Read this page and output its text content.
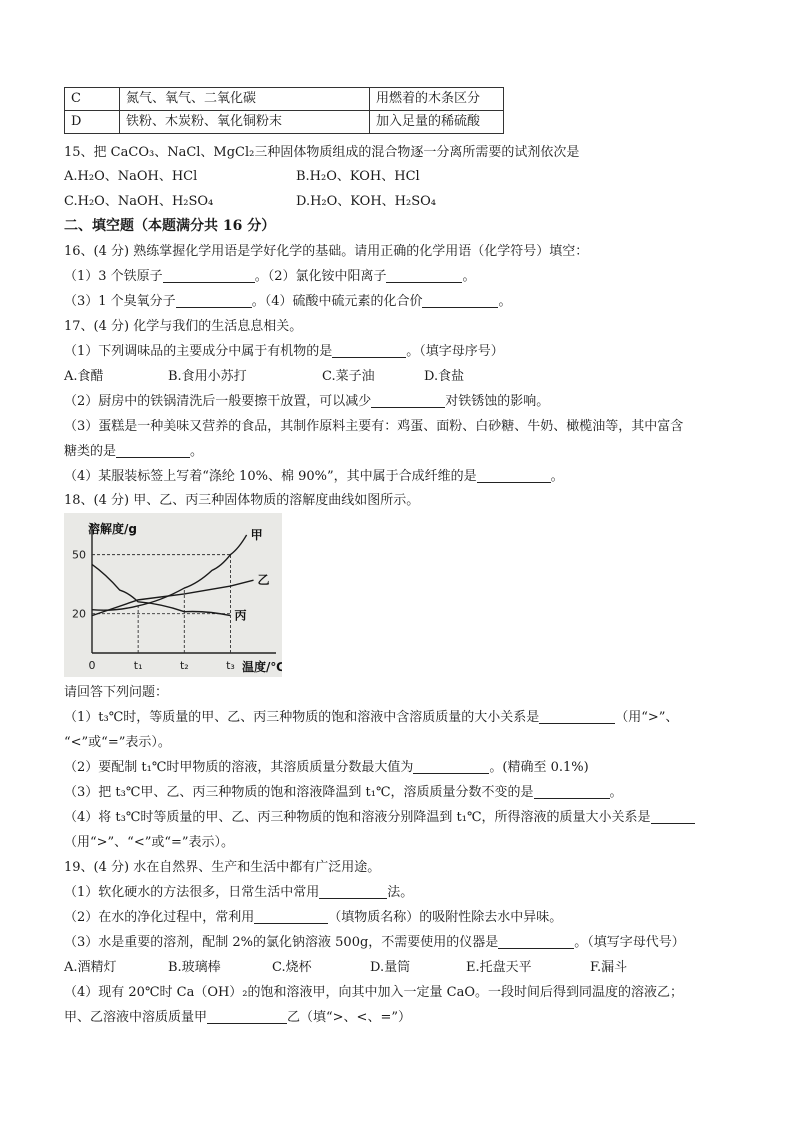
C	氮气、氧气、二氧化碳	用燃着的木条区分
D	铁粉、木炭粉、氧化铜粉末	加入足量的稀硫酸
15、把 CaCO₃、NaCl、MgCl₂三种固体物质组成的混合物逐一分离所需要的试剂依次是
A.H₂O、NaOH、HCl	B.H₂O、KOH、HCl
C.H₂O、NaOH、H₂SO₄	D.H₂O、KOH、H₂SO₄
二、填空题（本题满分共 16 分）
16、(4 分) 熟练掌握化学用语是学好化学的基础。请用正确的化学用语（化学符号）填空：
（1）3 个铁原子	。（2）氯化铵中阳离子	。
（3）1 个臭氧分子	。（4）硫酸中硫元素的化合价	。
17、(4 分) 化学与我们的生活息息相关。
（1）下列调味品的主要成分中属于有机物的是	。（填字母序号）
A.食醋	B.食用小苏打	C.菜子油	D.食盐
（2）厨房中的铁锅清洗后一般要擦干放置，可以减少	对铁锈蚀的影响。
（3）蛋糕是一种美味又营养的食品，其制作原料主要有：鸡蛋、面粉、白砂糖、牛奶、橄榄油等，其中富含
糖类的是	。
（4）某服装标签上写着“涤纶 10%、棉 90%”，其中属于合成纤维的是	。
18、(4 分) 甲、乙、丙三种固体物质的溶解度曲线如图所示。
20
50
0	t₁	t₂	t₃
甲
乙
丙
溶解度/g
温度/℃
请回答下列问题：
（1）t₃℃时，等质量的甲、乙、丙三种物质的饱和溶液中含溶质质量的大小关系是	（用“>”、
“<”或“=”表示）。
（2）要配制 t₁℃时甲物质的溶液，其溶质质量分数最大值为	。(精确至 0.1%)
（3）把 t₃℃甲、乙、丙三种物质的饱和溶液降温到 t₁℃，溶质质量分数不变的是	。
（4）将 t₃℃时等质量的甲、乙、丙三种物质的饱和溶液分别降温到 t₁℃，所得溶液的质量大小关系是
（用“>”、“<”或“=”表示）。
19、(4 分) 水在自然界、生产和生活中都有广泛用途。
（1）软化硬水的方法很多，日常生活中常用	法。
（2）在水的净化过程中，常利用	（填物质名称）的吸附性除去水中异味。
（3）水是重要的溶剂，配制 2%的氯化钠溶液 500g，不需要使用的仪器是	。（填写字母代号）
A.酒精灯	B.玻璃棒	C.烧杯	D.量筒	E.托盘天平	F.漏斗
（4）现有 20℃时 Ca（OH）₂的饱和溶液甲，向其中加入一定量 CaO。一段时间后得到同温度的溶液乙；
甲、乙溶液中溶质质量甲	乙（填“>、<、=”）
